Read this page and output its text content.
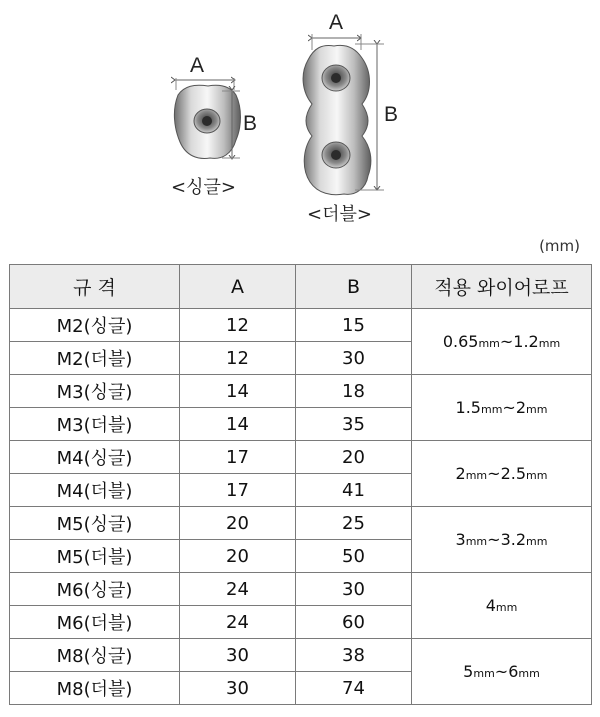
A
B
<싱글>
A
B
<더블>
(mm)
규 격	A	B	적용 와이어로프
M2(싱글)	12	15	0.65mm~1.2mm
M2(더블)	12	30	
M3(싱글)	14	18	1.5mm~2mm
M3(더블)	14	35	
M4(싱글)	17	20	2mm~2.5mm
M4(더블)	17	41	
M5(싱글)	20	25	3mm~3.2mm
M5(더블)	20	50	
M6(싱글)	24	30	4mm
M6(더블)	24	60	
M8(싱글)	30	38	5mm~6mm
M8(더블)	30	74	
